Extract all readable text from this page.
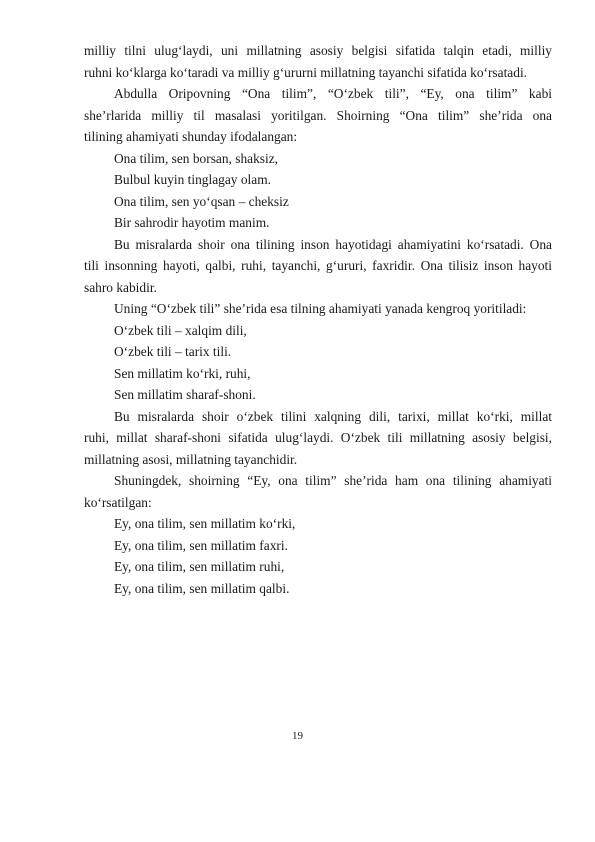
milliy tilni ulug‘laydi, uni millatning asosiy belgisi sifatida talqin etadi, milliy
ruhni ko‘klarga ko‘taradi va milliy g‘ururni millatning tayanchi sifatida ko‘rsatadi.
Abdulla Oripovning “Ona tilim”, “O‘zbek tili”, “Ey, ona tilim” kabi
she’rlarida milliy til masalasi yoritilgan. Shoirning “Ona tilim” she’rida ona
tilining ahamiyati shunday ifodalangan:
Ona tilim, sen borsan, shaksiz,
Bulbul kuyin tinglagay olam.
Ona tilim, sen yo‘qsan – cheksiz
Bir sahrodir hayotim manim.
Bu misralarda shoir ona tilining inson hayotidagi ahamiyatini ko‘rsatadi. Ona
tili insonning hayoti, qalbi, ruhi, tayanchi, g‘ururi, faxridir. Ona tilisiz inson hayoti
sahro kabidir.
Uning “O‘zbek tili” she’rida esa tilning ahamiyati yanada kengroq yoritiladi:
O‘zbek tili – xalqim dili,
O‘zbek tili – tarix tili.
Sen millatim ko‘rki, ruhi,
Sen millatim sharaf-shoni.
Bu misralarda shoir o‘zbek tilini xalqning dili, tarixi, millat ko‘rki, millat
ruhi, millat sharaf-shoni sifatida ulug‘laydi. O‘zbek tili millatning asosiy belgisi,
millatning asosi, millatning tayanchidir.
Shuningdek, shoirning “Ey, ona tilim” she’rida ham ona tilining ahamiyati
ko‘rsatilgan:
Ey, ona tilim, sen millatim ko‘rki,
Ey, ona tilim, sen millatim faxri.
Ey, ona tilim, sen millatim ruhi,
Ey, ona tilim, sen millatim qalbi.
19
